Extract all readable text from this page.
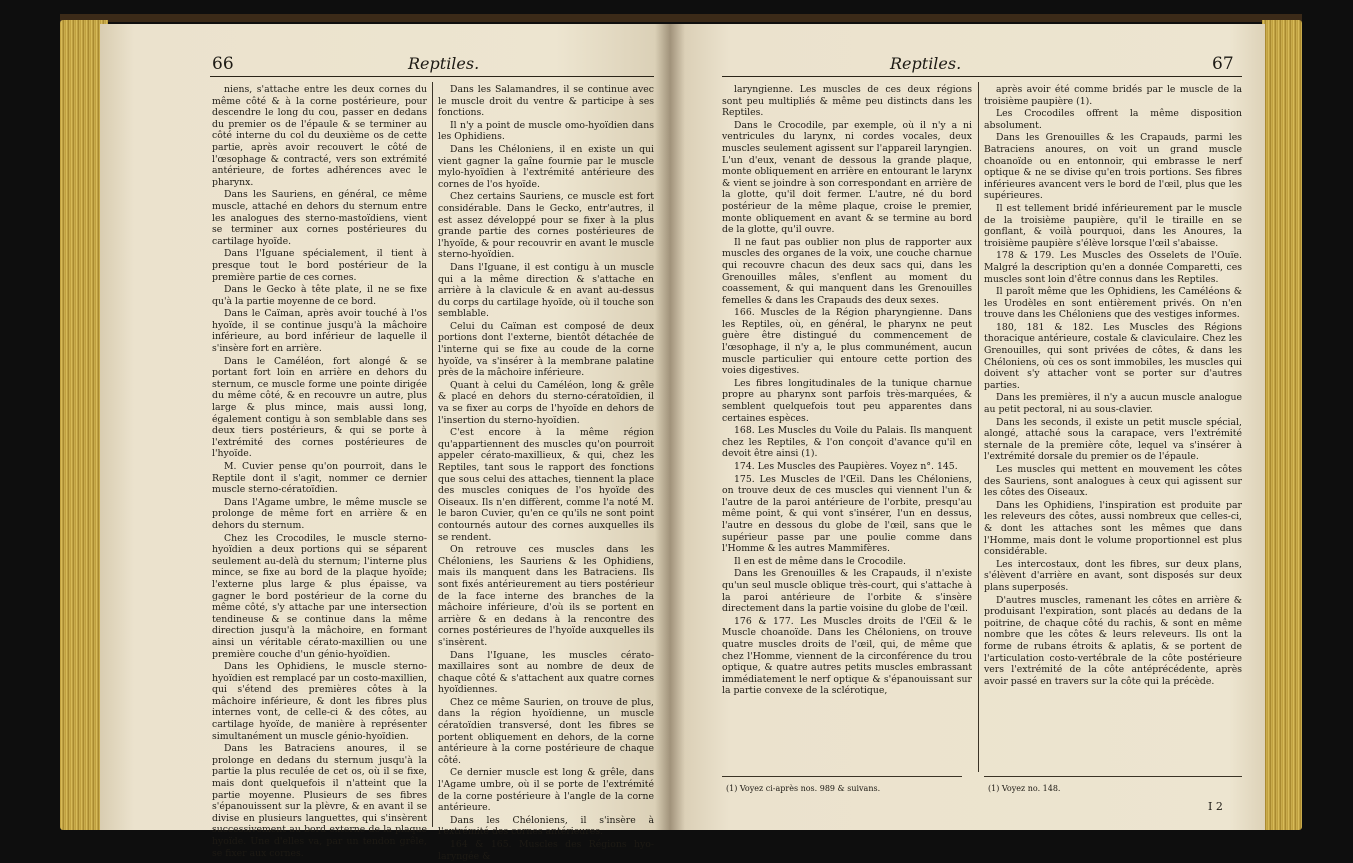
66	Reptiles.

niens, s'attache entre les deux cornes du même côté & à la corne postérieure, pour descendre le long du cou, passer en dedans du premier os de l'épaule & se terminer au côté interne du col du deuxième os de cette partie, après avoir recouvert le côté de l'œsophage & contracté, vers son extrémité antérieure, de fortes adhérences avec le pharynx.

Dans les Sauriens, en général, ce même muscle, attaché en dehors du sternum entre les analogues des sterno-mastoïdiens, vient se terminer aux cornes postérieures du cartilage hyoïde.

Dans l'Iguane spécialement, il tient à presque tout le bord postérieur de la première partie de ces cornes.

Dans le Gecko à tête plate, il ne se fixe qu'à la partie moyenne de ce bord.

Dans le Caïman, après avoir touché à l'os hyoïde, il se continue jusqu'à la mâchoire inférieure, au bord inférieur de laquelle il s'insère fort en arrière.

Dans le Caméléon, fort alongé & se portant fort loin en arrière en dehors du sternum, ce muscle forme une pointe dirigée du même côté, & en recouvre un autre, plus large & plus mince, mais aussi long, également contigu à son semblable dans ses deux tiers postérieurs, & qui se porte à l'extrémité des cornes postérieures de l'hyoïde.

M. Cuvier pense qu'on pourroit, dans le Reptile dont il s'agit, nommer ce dernier muscle sterno-cératoïdien.

Dans l'Agame umbre, le même muscle se prolonge de même fort en arrière & en dehors du sternum.

Chez les Crocodiles, le muscle sterno-hyoïdien a deux portions qui se séparent seulement au-delà du sternum; l'interne plus mince, se fixe au bord de la plaque hyoïde; l'externe plus large & plus épaisse, va gagner le bord postérieur de la corne du même côté, s'y attache par une intersection tendineuse & se continue dans la même direction jusqu'à la mâchoire, en formant ainsi un véritable cérato-maxillien ou une première couche d'un génio-hyoïdien.

Dans les Ophidiens, le muscle sterno-hyoïdien est remplacé par un costo-maxillien, qui s'étend des premières côtes à la mâchoire inférieure, & dont les fibres plus internes vont, de celle-ci & des côtes, au cartilage hyoïde, de manière à représenter simultanément un muscle génio-hyoïdien.

Dans les Batraciens anoures, il se prolonge en dedans du sternum jusqu'à la partie la plus reculée de cet os, où il se fixe, mais dont quelquefois il n'atteint que la partie moyenne. Plusieurs de ses fibres s'épanouissent sur la plèvre, & en avant il se divise en plusieurs languettes, qui s'insèrent successivement au bord externe de la plaque hyoïde. Une d'elles va, par un tendon grêle, se fixer aux cornes.

Dans les Salamandres, il se continue avec le muscle droit du ventre & participe à ses fonctions.

Il n'y a point de muscle omo-hyoïdien dans les Ophidiens.

Dans les Chéloniens, il en existe un qui vient gagner la gaîne fournie par le muscle mylo-hyoïdien à l'extrémité antérieure des cornes de l'os hyoïde.

Chez certains Sauriens, ce muscle est fort considérable. Dans le Gecko, entr'autres, il est assez développé pour se fixer à la plus grande partie des cornes postérieures de l'hyoïde, & pour recouvrir en avant le muscle sterno-hyoïdien.

Dans l'Iguane, il est contigu à un muscle qui a la même direction & s'attache en arrière à la clavicule & en avant au-dessus du corps du cartilage hyoïde, où il touche son semblable.

Celui du Caïman est composé de deux portions dont l'externe, bientôt détachée de l'interne qui se fixe au coude de la corne hyoïde, va s'insérer à la membrane palatine près de la mâchoire inférieure.

Quant à celui du Caméléon, long & grêle & placé en dehors du sterno-cératoïdien, il va se fixer au corps de l'hyoïde en dehors de l'insertion du sterno-hyoïdien.

C'est encore à la même région qu'appartiennent des muscles qu'on pourroit appeler cérato-maxillieux, & qui, chez les Reptiles, tant sous le rapport des fonctions que sous celui des attaches, tiennent la place des muscles coniques de l'os hyoïde des Oiseaux. Ils n'en diffèrent, comme l'a noté M. le baron Cuvier, qu'en ce qu'ils ne sont point contournés autour des cornes auxquelles ils se rendent.

On retrouve ces muscles dans les Chéloniens, les Sauriens & les Ophidiens, mais ils manquent dans les Batraciens. Ils sont fixés antérieurement au tiers postérieur de la face interne des branches de la mâchoire inférieure, d'où ils se portent en arrière & en dedans à la rencontre des cornes postérieures de l'hyoïde auxquelles ils s'insèrent.

Dans l'Iguane, les muscles cérato-maxillaires sont au nombre de deux de chaque côté & s'attachent aux quatre cornes hyoïdiennes.

Chez ce même Saurien, on trouve de plus, dans la région hyoïdienne, un muscle cératoïdien transversé, dont les fibres se portent obliquement en dehors, de la corne antérieure à la corne postérieure de chaque côté.

Ce dernier muscle est long & grêle, dans l'Agame umbre, où il se porte de l'extrémité de la corne postérieure à l'angle de la corne antérieure.

Dans les Chéloniens, il s'insère à l'extrémité des cornes antérieures.

164 & 165. Muscles des Régions hyo-laryngée &

Reptiles.	67

laryngienne. Les muscles de ces deux régions sont peu multipliés & même peu distincts dans les Reptiles.

Dans le Crocodile, par exemple, où il n'y a ni ventricules du larynx, ni cordes vocales, deux muscles seulement agissent sur l'appareil laryngien. L'un d'eux, venant de dessous la grande plaque, monte obliquement en arrière en entourant le larynx & vient se joindre à son correspondant en arrière de la glotte, qu'il doit fermer. L'autre, né du bord postérieur de la même plaque, croise le premier, monte obliquement en avant & se termine au bord de la glotte, qu'il ouvre.

Il ne faut pas oublier non plus de rapporter aux muscles des organes de la voix, une couche charnue qui recouvre chacun des deux sacs qui, dans les Grenouilles mâles, s'enflent au moment du coassement, & qui manquent dans les Grenouilles femelles & dans les Crapauds des deux sexes.

166. Muscles de la Région pharyngienne. Dans les Reptiles, où, en général, le pharynx ne peut guère être distingué du commencement de l'œsophage, il n'y a, le plus communément, aucun muscle particulier qui entoure cette portion des voies digestives.

Les fibres longitudinales de la tunique charnue propre au pharynx sont parfois très-marquées, & semblent quelquefois tout peu apparentes dans certaines espèces.

168. Les Muscles du Voile du Palais. Ils manquent chez les Reptiles, & l'on conçoit d'avance qu'il en devoit être ainsi (1).

174. Les Muscles des Paupières. Voyez n°. 145.

175. Les Muscles de l'Œil. Dans les Chéloniens, on trouve deux de ces muscles qui viennent l'un & l'autre de la paroi antérieure de l'orbite, presqu'au même point, & qui vont s'insérer, l'un en dessus, l'autre en dessous du globe de l'œil, sans que le supérieur passe par une poulie comme dans l'Homme & les autres Mammifères.

Il en est de même dans le Crocodile.

Dans les Grenouilles & les Crapauds, il n'existe qu'un seul muscle oblique très-court, qui s'attache à la paroi antérieure de l'orbite & s'insère directement dans la partie voisine du globe de l'œil.

176 & 177. Les Muscles droits de l'Œil & le Muscle choanoïde. Dans les Chéloniens, on trouve quatre muscles droits de l'œil, qui, de même que chez l'Homme, viennent de la circonférence du trou optique, & quatre autres petits muscles embrassant immédiatement le nerf optique & s'épanouissant sur la partie convexe de la sclérotique,

après avoir été comme bridés par le muscle de la troisième paupière (1).

Les Crocodiles offrent la même disposition absolument.

Dans les Grenouilles & les Crapauds, parmi les Batraciens anoures, on voit un grand muscle choanoïde ou en entonnoir, qui embrasse le nerf optique & ne se divise qu'en trois portions. Ses fibres inférieures avancent vers le bord de l'œil, plus que les supérieures.

Il est tellement bridé inférieurement par le muscle de la troisième paupière, qu'il le tiraille en se gonflant, & voilà pourquoi, dans les Anoures, la troisième paupière s'élève lorsque l'œil s'abaisse.

178 & 179. Les Muscles des Osselets de l'Ouïe. Malgré la description qu'en a donnée Comparetti, ces muscles sont loin d'être connus dans les Reptiles.

Il paroît même que les Ophidiens, les Caméléons & les Urodèles en sont entièrement privés. On n'en trouve dans les Chéloniens que des vestiges informes.

180, 181 & 182. Les Muscles des Régions thoracique antérieure, costale & claviculaire. Chez les Grenouilles, qui sont privées de côtes, & dans les Chéloniens, où ces os sont immobiles, les muscles qui doivent s'y attacher vont se porter sur d'autres parties.

Dans les premières, il n'y a aucun muscle analogue au petit pectoral, ni au sous-clavier.

Dans les seconds, il existe un petit muscle spécial, alongé, attaché sous la carapace, vers l'extrémité sternale de la première côte, lequel va s'insérer à l'extrémité dorsale du premier os de l'épaule.

Les muscles qui mettent en mouvement les côtes des Sauriens, sont analogues à ceux qui agissent sur les côtes des Oiseaux.

Dans les Ophidiens, l'inspiration est produite par les releveurs des côtes, aussi nombreux que celles-ci, & dont les attaches sont les mêmes que dans l'Homme, mais dont le volume proportionnel est plus considérable.

Les intercostaux, dont les fibres, sur deux plans, s'élèvent d'arrière en avant, sont disposés sur deux plans superposés.

D'autres muscles, ramenant les côtes en arrière & produisant l'expiration, sont placés au dedans de la poitrine, de chaque côté du rachis, & sont en même nombre que les côtes & leurs releveurs. Ils ont la forme de rubans étroits & aplatis, & se portent de l'articulation costo-vertébrale de la côte postérieure vers l'extrémité de la côte antéprécédente, après avoir passé en travers sur la côte qui la précède.

(1) Voyez ci-après nos. 989 & suivans.	(1) Voyez no. 148.
I 2
